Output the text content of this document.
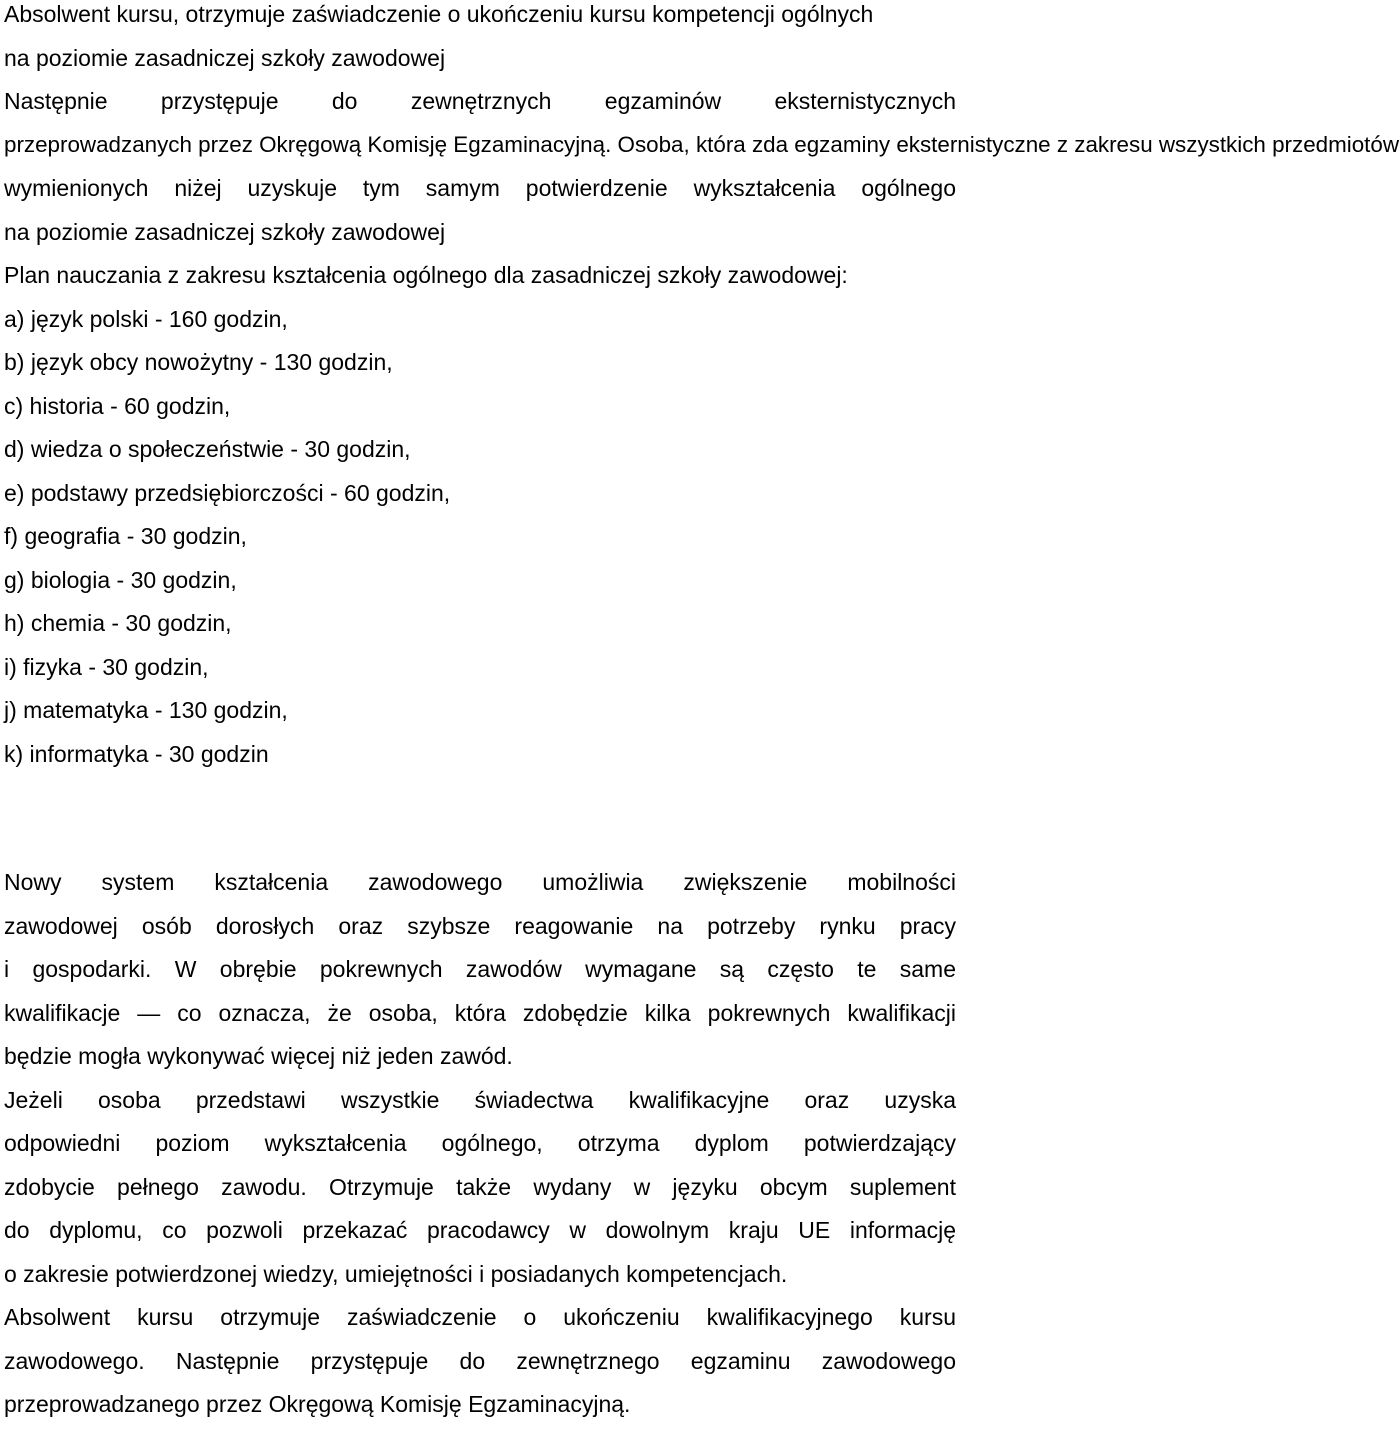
Absolwent kursu, otrzymuje zaświadczenie o ukończeniu kursu kompetencji ogólnych
na poziomie zasadniczej szkoły zawodowej
Następnie przystępuje do zewnętrznych egzaminów eksternistycznych
przeprowadzanych przez Okręgową Komisję Egzaminacyjną. Osoba, która zda egzaminy eksternistyczne z zakresu wszystkich przedmiotów
wymienionych niżej uzyskuje tym samym potwierdzenie wykształcenia ogólnego
na poziomie zasadniczej szkoły zawodowej
Plan nauczania z zakresu kształcenia ogólnego dla zasadniczej szkoły zawodowej:
a) język polski - 160 godzin,
b) język obcy nowożytny - 130 godzin,
c) historia - 60 godzin,
d) wiedza o społeczeństwie - 30 godzin,
e) podstawy przedsiębiorczości - 60 godzin,
f) geografia - 30 godzin,
g) biologia - 30 godzin,
h) chemia - 30 godzin,
i) fizyka - 30 godzin,
j) matematyka - 130 godzin,
k) informatyka - 30 godzin
Nowy system kształcenia zawodowego umożliwia zwiększenie mobilności
zawodowej osób dorosłych oraz szybsze reagowanie na potrzeby rynku pracy
i gospodarki. W obrębie pokrewnych zawodów wymagane są często te same
kwalifikacje — co oznacza, że osoba, która zdobędzie kilka pokrewnych kwalifikacji
będzie mogła wykonywać więcej niż jeden zawód.
Jeżeli osoba przedstawi wszystkie świadectwa kwalifikacyjne oraz uzyska
odpowiedni poziom wykształcenia ogólnego, otrzyma dyplom potwierdzający
zdobycie pełnego zawodu. Otrzymuje także wydany w języku obcym suplement
do dyplomu, co pozwoli przekazać pracodawcy w dowolnym kraju UE informację
o zakresie potwierdzonej wiedzy, umiejętności i posiadanych kompetencjach.
Absolwent kursu otrzymuje zaświadczenie o ukończeniu kwalifikacyjnego kursu
zawodowego. Następnie przystępuje do zewnętrznego egzaminu zawodowego
przeprowadzanego przez Okręgową Komisję Egzaminacyjną.
